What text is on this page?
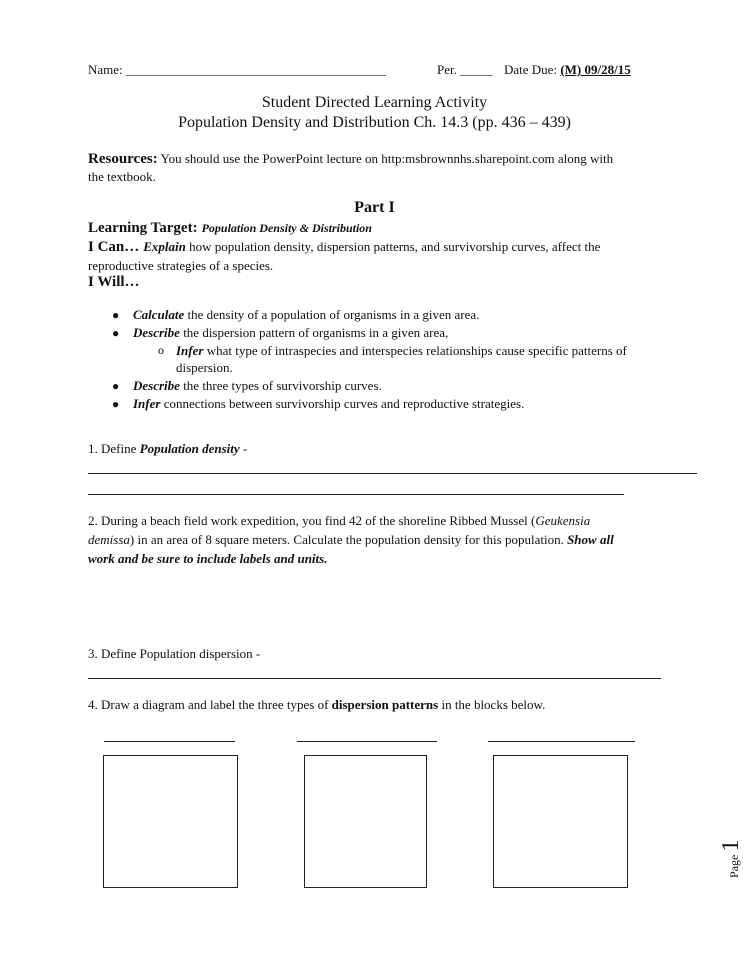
Name: ________________________________________	Per. _____ Date Due: (M) 09/28/15
Student Directed Learning Activity
Population Density and Distribution Ch. 14.3 (pp. 436 – 439)
Resources: You should use the PowerPoint lecture on http:msbrownnhs.sharepoint.com along with
the textbook.
Part I
Learning Target: Population Density & Distribution
I Can… Explain how population density, dispersion patterns, and survivorship curves, affect the
reproductive strategies of a species.
I Will…
● Calculate the density of a population of organisms in a given area.
● Describe the dispersion pattern of organisms in a given area,
o Infer what type of intraspecies and interspecies relationships cause specific patterns of
dispersion.
● Describe the three types of survivorship curves.
● Infer connections between survivorship curves and reproductive strategies.
1. Define Population density -
2. During a beach field work expedition, you find 42 of the shoreline Ribbed Mussel (Geukensia
demissa) in an area of 8 square meters. Calculate the population density for this population. Show all
work and be sure to include labels and units.
3. Define Population dispersion -
4. Draw a diagram and label the three types of dispersion patterns in the blocks below.
Page 1
